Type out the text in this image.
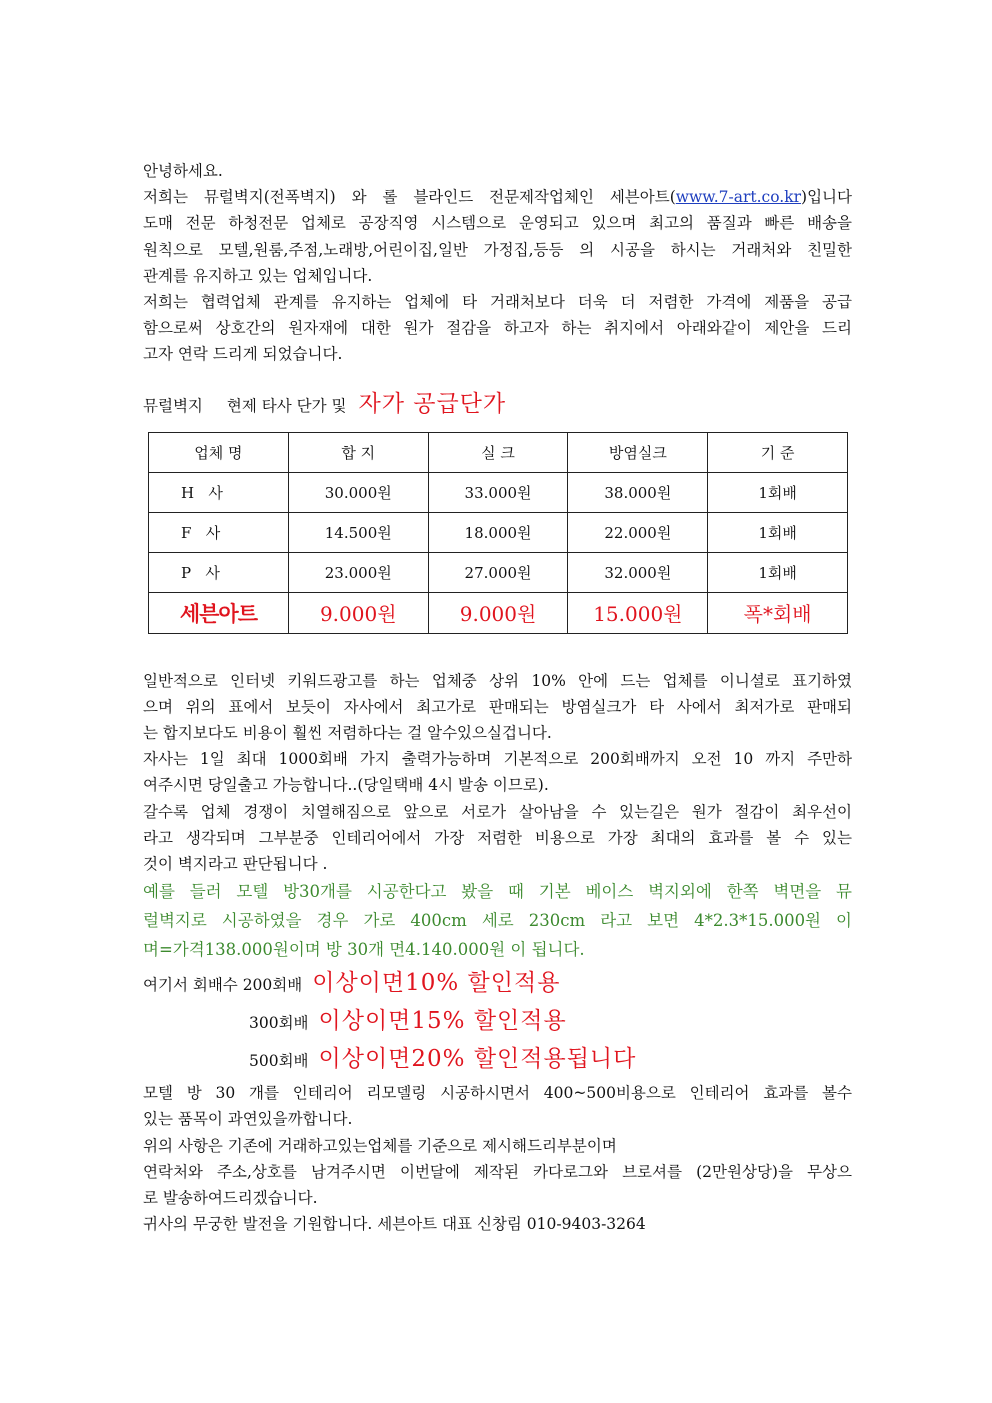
안녕하세요.
저희는 뮤럴벽지(전폭벽지) 와 롤 블라인드 전문제작업체인 세븐아트(www.7-art.co.kr)입니다
도매 전문 하청전문 업체로 공장직영 시스템으로 운영되고 있으며 최고의 품질과 빠른 배송을
원칙으로 모텔,원룸,주점,노래방,어린이집,일반 가정집,등등 의 시공을 하시는 거래처와 친밀한
관계를 유지하고 있는 업체입니다.
저희는 협력업체 관계를 유지하는 업체에 타 거래처보다 더욱 더 저렴한 가격에 제품을 공급
함으로써 상호간의 원자재에 대한 원가 절감을 하고자 하는 취지에서 아래와같이 제안을 드리
고자 연락 드리게 되었습니다.
뮤럴벽지 현제 타사 단가 및 자가 공급단가
업체 명	합 지	실 크	방염실크	기 준
H   사	30.000원	33.000원	38.000원	1회배
F   사	14.500원	18.000원	22.000원	1회배
P   사	23.000원	27.000원	32.000원	1회배
세븐아트	9.000원	9.000원	15.000원	폭*회배
일반적으로 인터넷 키워드광고를 하는 업체중 상위 10% 안에 드는 업체를 이니셜로 표기하였
으며 위의 표에서 보듯이 자사에서 최고가로 판매되는 방염실크가 타 사에서 최저가로 판매되
는 합지보다도 비용이 훨씬 저렴하다는 걸 알수있으실겁니다.
자사는 1일 최대 1000회배 가지 출력가능하며 기본적으로 200회배까지 오전 10 까지 주만하
여주시면 당일출고 가능합니다..(당일택배 4시 발송 이므로).
갈수록 업체 경쟁이 치열해짐으로 앞으로 서로가 살아남을 수 있는길은 원가 절감이 최우선이
라고 생각되며 그부분중 인테리어에서 가장 저렴한 비용으로 가장 최대의 효과를 볼 수 있는
것이 벽지라고 판단됩니다 .
예를 들러 모텔 방30개를 시공한다고 봤을 때 기본 베이스 벽지외에 한쪽 벽면을 뮤
럴벽지로 시공하였을 경우 가로 400cm 세로 230cm 라고 보면 4*2.3*15.000원 이
며=가격138.000원이며 방 30개 면4.140.000원 이 됩니다.
여기서 회배수 200회배 이상이면10% 할인적용
300회배 이상이면15% 할인적용
500회배 이상이면20% 할인적용됩니다
모텔 방 30 개를 인테리어 리모델링 시공하시면서 400~500비용으로 인테리어 효과를 볼수
있는 품목이 과연있을까합니다.
위의 사항은 기존에 거래하고있는업체를 기준으로 제시해드리부분이며
연락처와 주소,상호를 남겨주시면 이번달에 제작된 카다로그와 브로셔를 (2만원상당)을 무상으
로 발송하여드리겠습니다.
귀사의 무궁한 발전을 기원합니다. 세븐아트 대표 신창림 010-9403-3264
